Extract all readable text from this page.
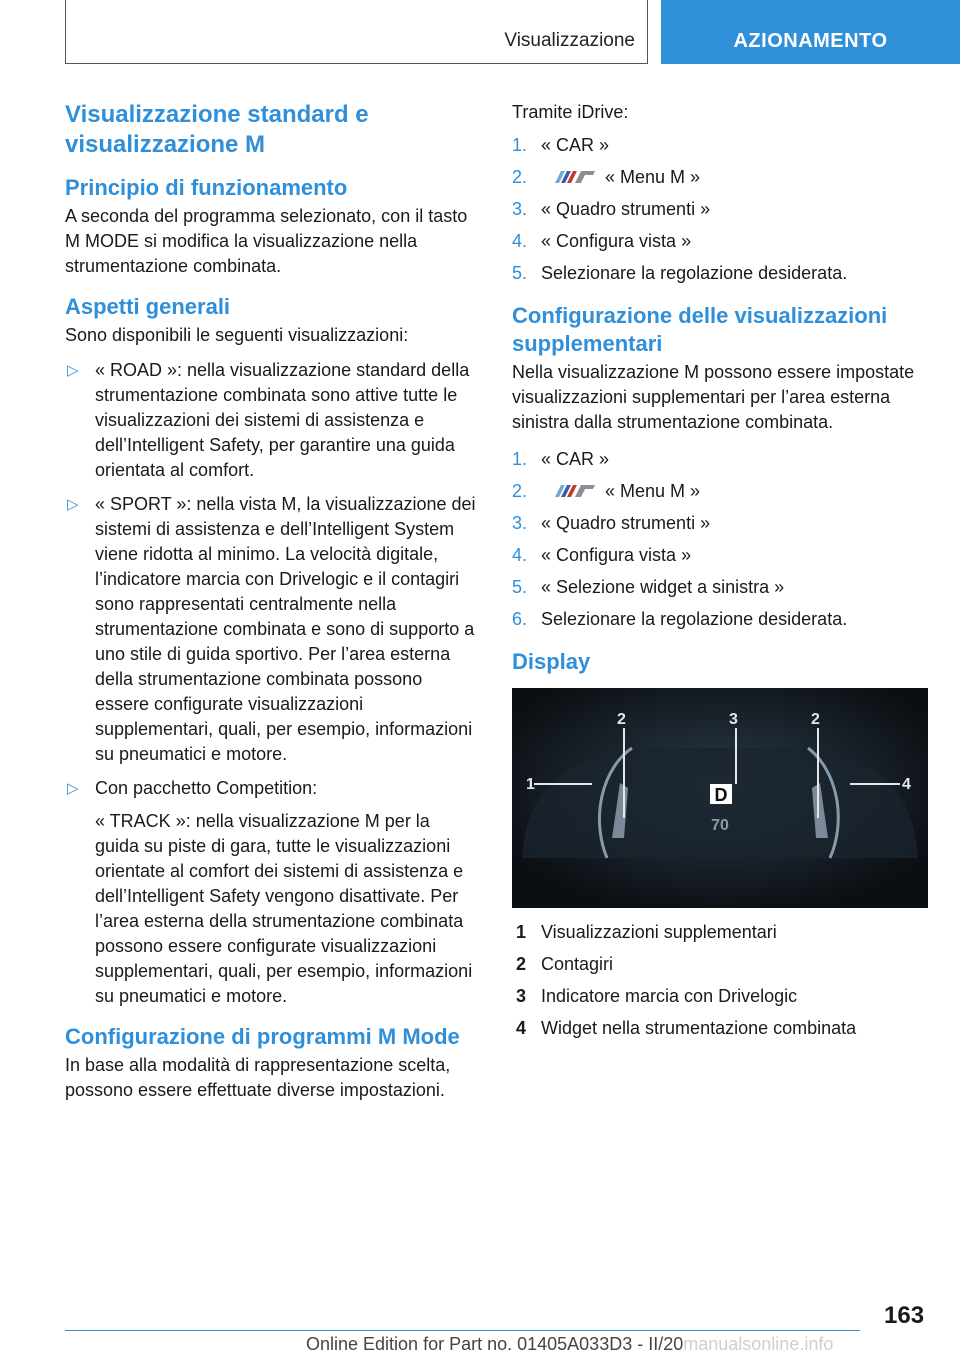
Visualizzazione	AZIONAMENTO
Visualizzazione standard e visualizzazione M
Principio di funzionamento

A seconda del programma selezionato, con il tasto M MODE si modifica la visualizzazione nella strumentazione combinata.

Aspetti generali

Sono disponibili le seguenti visualizzazioni:

▷ « ROAD »: nella visualizzazione standard della strumentazione combinata sono attive tutte le visualizzazioni dei sistemi di assistenza e dell’Intelligent Safety, per garantire una guida orientata al comfort.
▷ « SPORT »: nella vista M, la visualizzazione dei sistemi di assistenza e dell’Intelligent System viene ridotta al minimo. La velocità digitale, l’indicatore marcia con Drivelogic e il contagiri sono rappresentati centralmente nella strumentazione combinata e sono di supporto a uno stile di guida sportivo. Per l’area esterna della strumentazione combinata possono essere configurate visualizzazioni supplementari, quali, per esempio, informazioni su pneumatici e motore.
▷ Con pacchetto Competition:
« TRACK »: nella visualizzazione M per la guida su piste di gara, tutte le visualizzazioni orientate al comfort dei sistemi di assistenza e dell’Intelligent Safety vengono disattivate. Per l’area esterna della strumentazione combinata possono essere configurate visualizzazioni supplementari, quali, per esempio, informazioni su pneumatici e motore.
Configurazione di programmi M Mode

In base alla modalità di rappresentazione scelta, possono essere effettuate diverse impostazioni.

Tramite iDrive:

1. « CAR »
2.	« Menu M »
3. « Quadro strumenti »
4. « Configura vista »
5. Selezionare la regolazione desiderata.
Configurazione delle visualizzazioni supplementari

Nella visualizzazione M possono essere impostate visualizzazioni supplementari per l’area esterna sinistra dalla strumentazione combinata.

1. « CAR »
2.	« Menu M »
3. « Quadro strumenti »
4. « Configura vista »
5. « Selezione widget a sinistra »
6. Selezionare la regolazione desiderata.
Display
D
70
1
2	3	2
4
1 Visualizzazioni supplementari
2 Contagiri
3 Indicatore marcia con Drivelogic
4 Widget nella strumentazione combinata
163
Online Edition for Part no. 01405A033D3 - II/20manualsonline.info
